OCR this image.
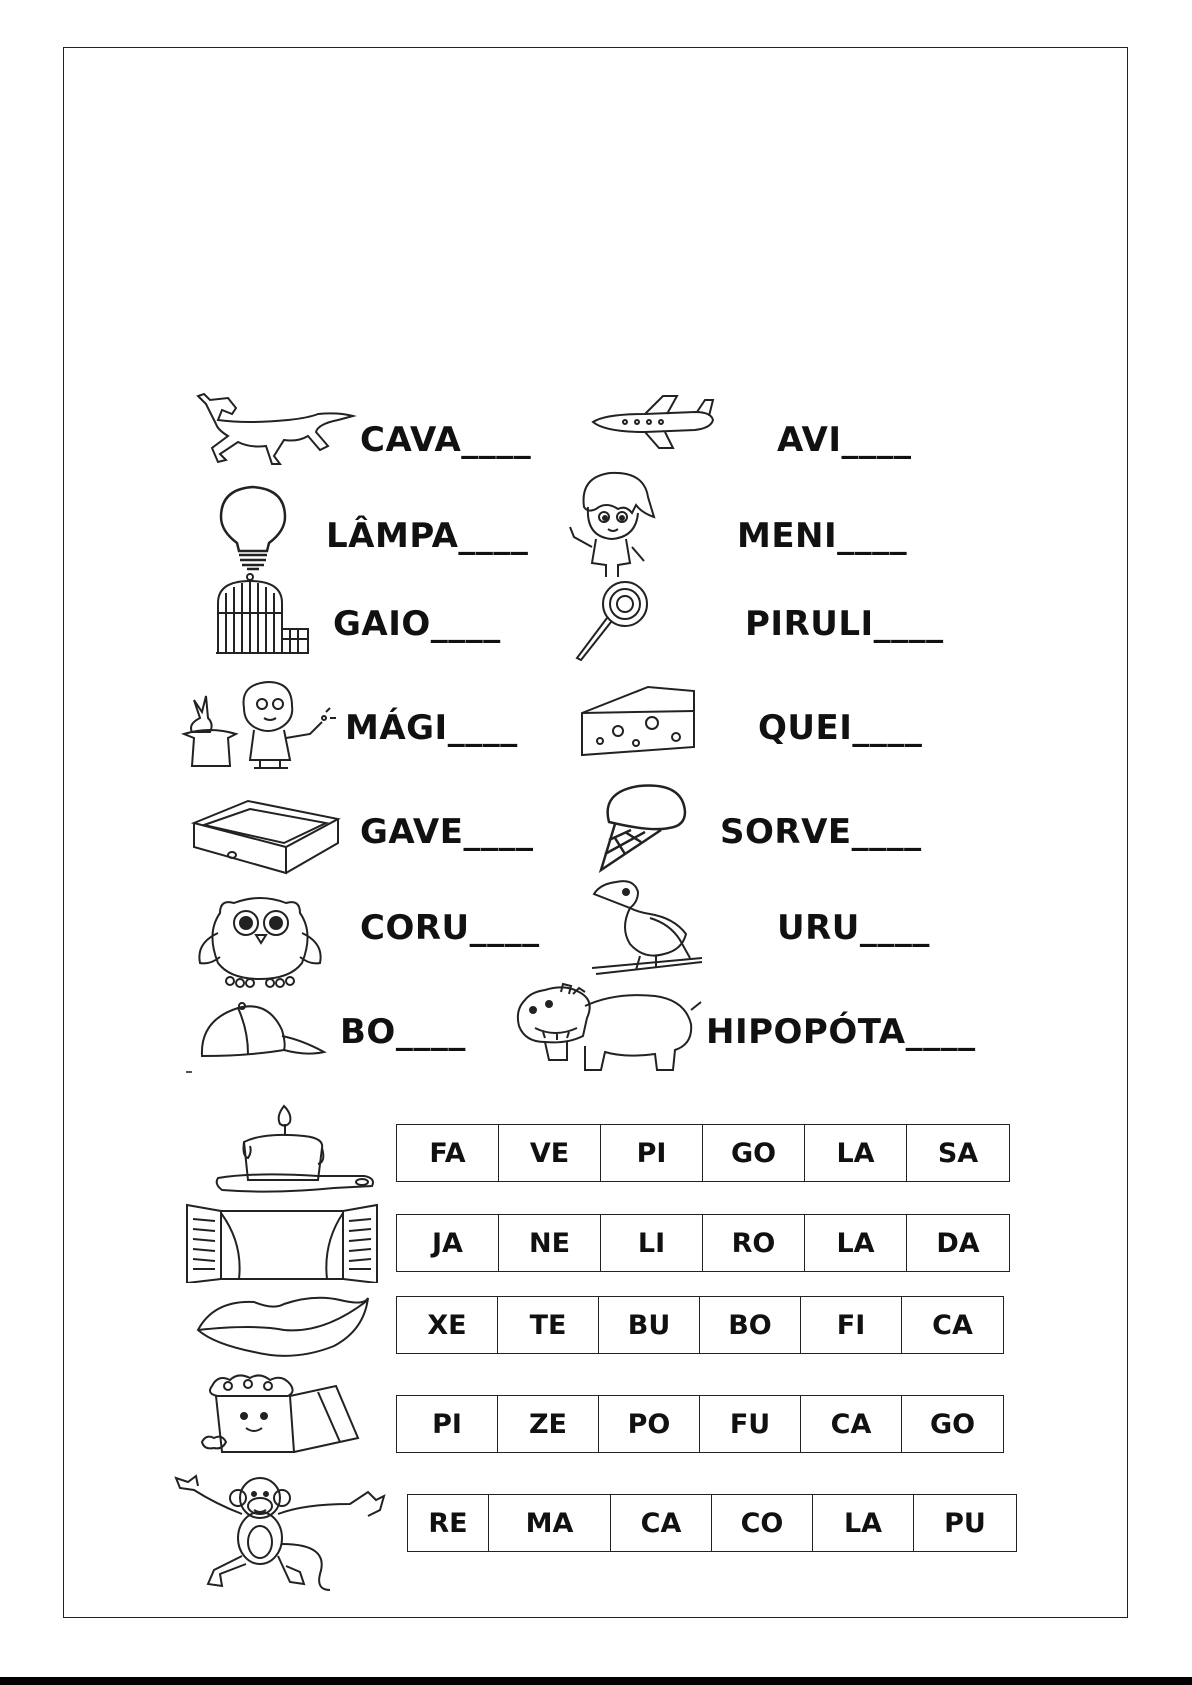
CAVA____	AVI____
LÂMPA____	MENI____
GAIO____	PIRULI____
MÁGI____	QUEI____
GAVE____	SORVE____
CORU____	URU____
BO____	HIPOPÓTA____
FA	VE	PI	GO	LA	SA
JA	NE	LI	RO	LA	DA
XE	TE	BU	BO	FI	CA
PI	ZE	PO	FU	CA	GO
RE	MA	CA	CO	LA	PU
